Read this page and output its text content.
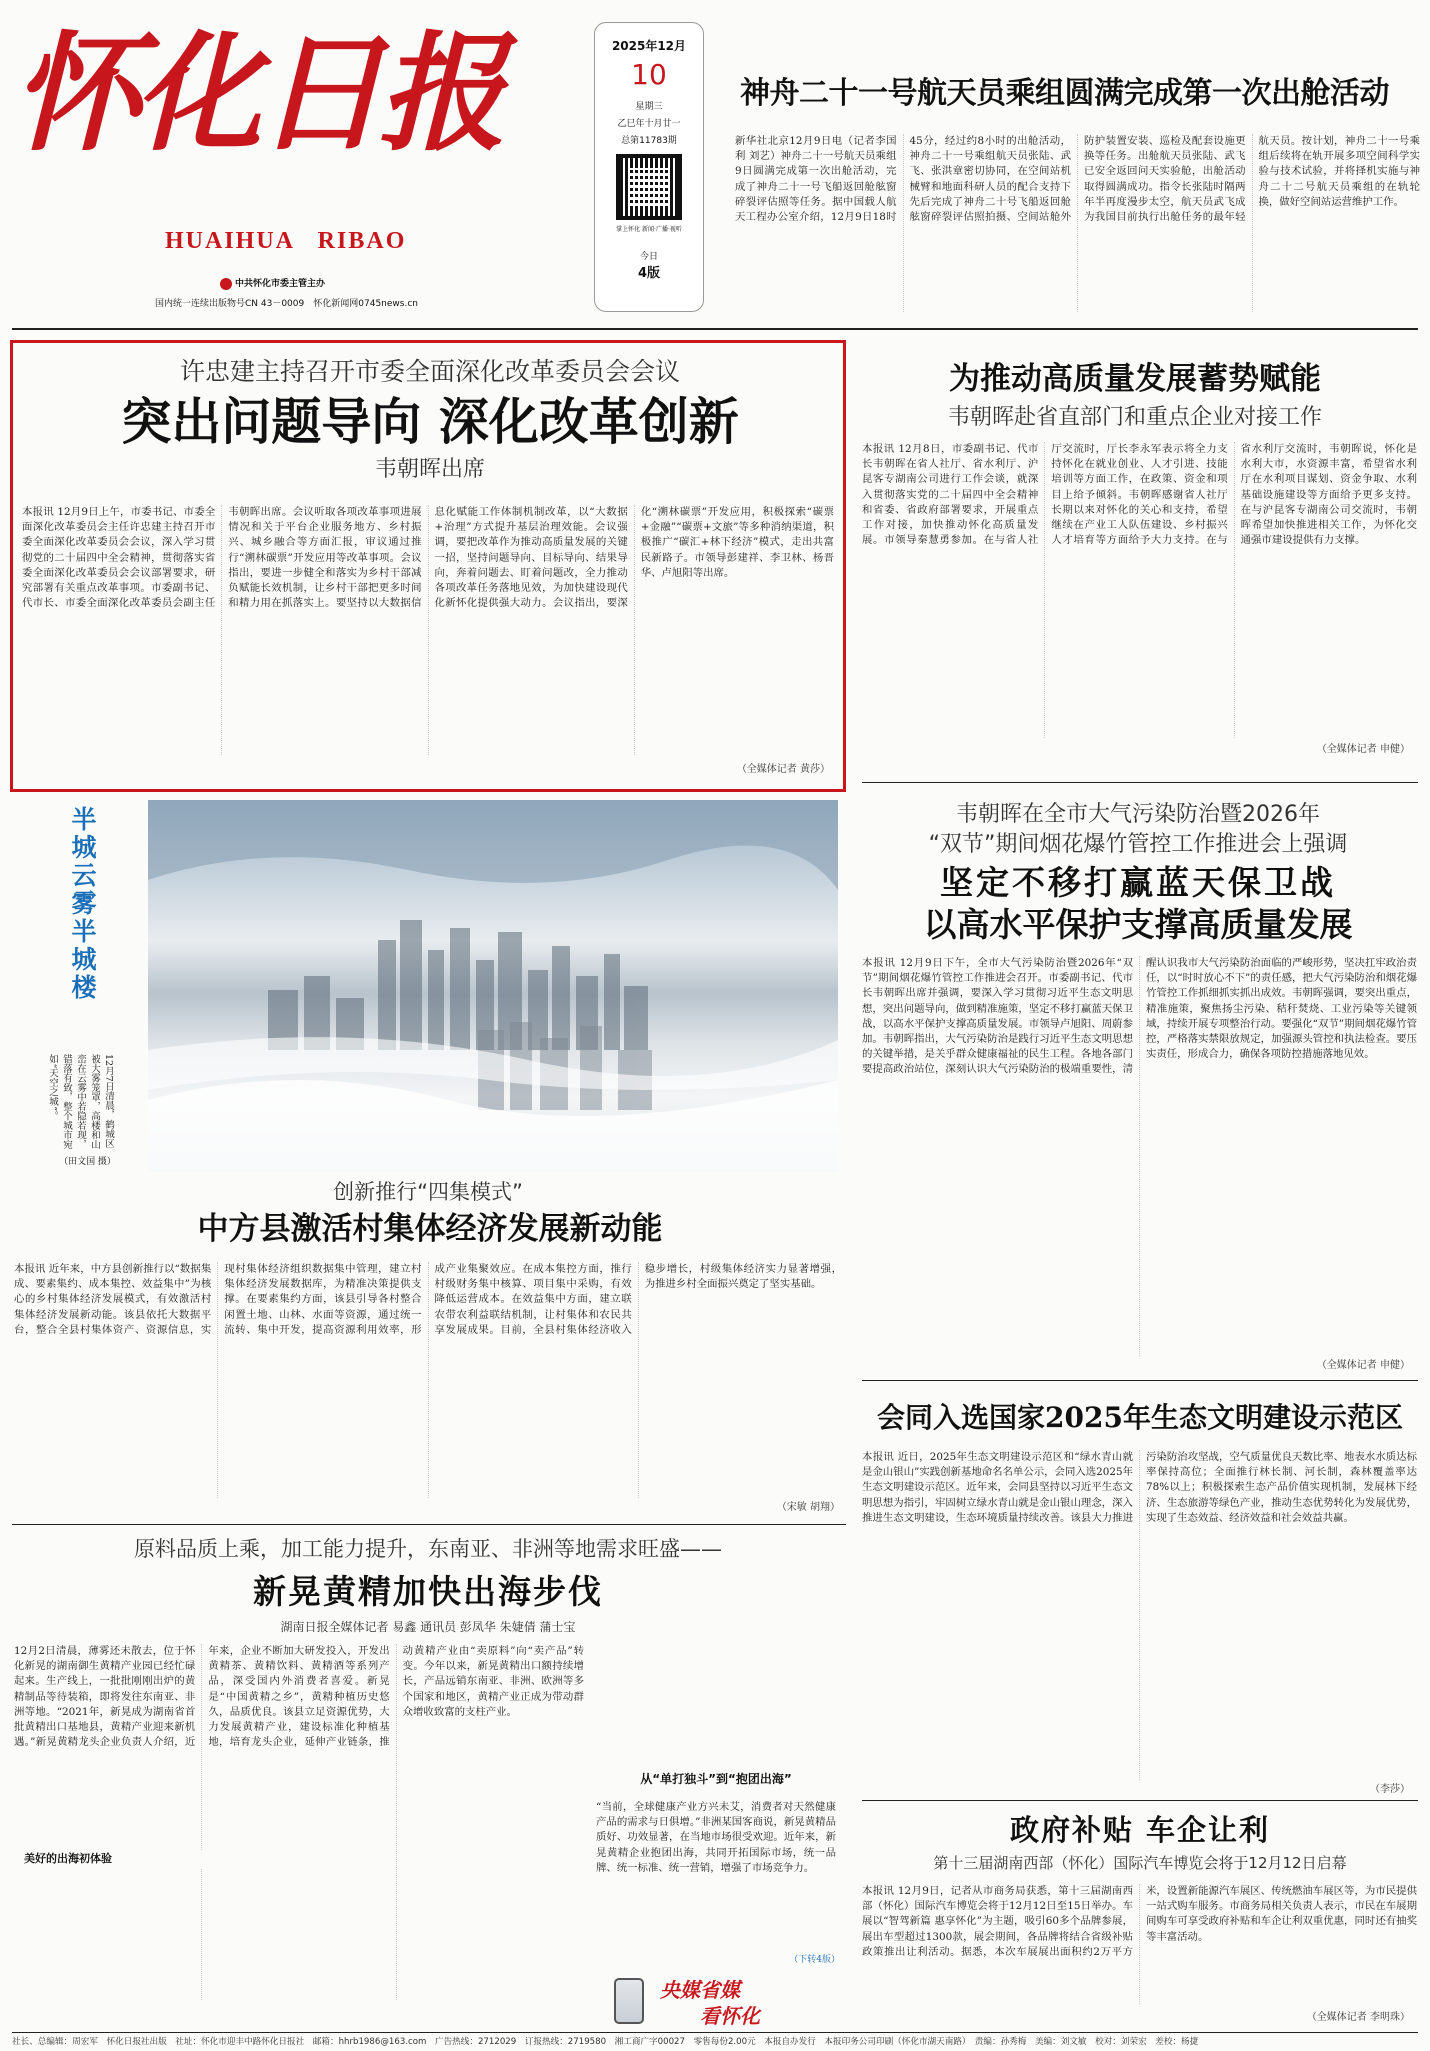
怀化日报
HUAIHUA RIBAO
中共怀化市委主管主办
国内统一连续出版物号CN 43－0009　 怀化新闻网0745news.cn
2025年12月
10
星期三
乙巳年十月廿一
总第11783期
掌上怀化 新闻·广播·视听
今日
4版
神舟二十一号航天员乘组圆满完成第一次出舱活动
新华社北京12月9日电（记者李国利 刘艺）神舟二十一号航天员乘组9日圆满完成第一次出舱活动，完成了神舟二十一号飞船返回舱舷窗碎裂评估照等任务。据中国载人航天工程办公室介绍，12月9日18时45分，经过约8小时的出舱活动，神舟二十一号乘组航天员张陆、武飞、张洪章密切协同，在空间站机械臂和地面科研人员的配合支持下先后完成了神舟二十号飞船返回舱舷窗碎裂评估照拍摄、空间站舱外防护装置安装、巡检及配套设施更换等任务。出舱航天员张陆、武飞已安全返回问天实验舱，出舱活动取得圆满成功。指令长张陆时隔两年半再度漫步太空，航天员武飞成为我国目前执行出舱任务的最年轻航天员。按计划，神舟二十一号乘组后续将在轨开展多项空间科学实验与技术试验，并将择机实施与神舟二十二号航天员乘组的在轨轮换，做好空间站运营维护工作。
许忠建主持召开市委全面深化改革委员会会议
突出问题导向 深化改革创新
韦朝晖出席
本报讯 12月9日上午，市委书记、市委全面深化改革委员会主任许忠建主持召开市委全面深化改革委员会会议，深入学习贯彻党的二十届四中全会精神，贯彻落实省委全面深化改革委员会会议部署要求，研究部署有关重点改革事项。市委副书记、代市长、市委全面深化改革委员会副主任韦朝晖出席。会议听取各项改革事项进展情况和关于平台企业服务地方、乡村振兴、城乡融合等方面汇报，审议通过推行“溯林碳票”开发应用等改革事项。会议指出，要进一步健全和落实为乡村干部减负赋能长效机制，让乡村干部把更多时间和精力用在抓落实上。要坚持以大数据信息化赋能工作体制机制改革，以“大数据+治理”方式提升基层治理效能。会议强调，要把改革作为推动高质量发展的关键一招，坚持问题导向、目标导向、结果导向，奔着问题去、盯着问题改，全力推动各项改革任务落地见效，为加快建设现代化新怀化提供强大动力。会议指出，要深化“溯林碳票”开发应用，积极探索“碳票+金融”“碳票+文旅”等多种消纳渠道，积极推广“碳汇+林下经济”模式，走出共富民新路子。市领导彭建祥、李卫林、杨晋华、卢旭阳等出席。
（全媒体记者 黄莎）
为推动高质量发展蓄势赋能
韦朝晖赴省直部门和重点企业对接工作
本报讯 12月8日，市委副书记、代市长韦朝晖在省人社厅、省水利厅、沪昆客专湖南公司进行工作会谈，就深入贯彻落实党的二十届四中全会精神和省委、省政府部署要求，开展重点工作对接，加快推动怀化高质量发展。市领导秦慧勇参加。在与省人社厅交流时，厅长李永军表示将全力支持怀化在就业创业、人才引进、技能培训等方面工作，在政策、资金和项目上给予倾斜。韦朝晖感谢省人社厅长期以来对怀化的关心和支持，希望继续在产业工人队伍建设、乡村振兴人才培育等方面给予大力支持。在与省水利厅交流时，韦朝晖说，怀化是水利大市，水资源丰富，希望省水利厅在水利项目谋划、资金争取、水利基础设施建设等方面给予更多支持。在与沪昆客专湖南公司交流时，韦朝晖希望加快推进相关工作，为怀化交通强市建设提供有力支撑。
（全媒体记者 申健）
半城云雾半城楼
12月7日清晨，鹤城区被大雾笼罩，高楼和山峦在云雾中若隐若现，错落有致，整个城市宛如“天空之城”。
（田文国 摄）
韦朝晖在全市大气污染防治暨2026年
“双节”期间烟花爆竹管控工作推进会上强调
坚定不移打赢蓝天保卫战
以高水平保护支撑高质量发展
本报讯 12月9日下午，全市大气污染防治暨2026年“双节”期间烟花爆竹管控工作推进会召开。市委副书记、代市长韦朝晖出席并强调，要深入学习贯彻习近平生态文明思想，突出问题导向，做到精准施策，坚定不移打赢蓝天保卫战，以高水平保护支撑高质量发展。市领导卢旭阳、周蔚参加。韦朝晖指出，大气污染防治是践行习近平生态文明思想的关键举措，是关乎群众健康福祉的民生工程。各地各部门要提高政治站位，深刻认识大气污染防治的极端重要性，清醒认识我市大气污染防治面临的严峻形势，坚决扛牢政治责任，以“时时放心不下”的责任感，把大气污染防治和烟花爆竹管控工作抓细抓实抓出成效。韦朝晖强调，要突出重点，精准施策，聚焦扬尘污染、秸秆焚烧、工业污染等关键领域，持续开展专项整治行动。要强化“双节”期间烟花爆竹管控，严格落实禁限放规定，加强源头管控和执法检查。要压实责任，形成合力，确保各项防控措施落地见效。
（全媒体记者 申健）
创新推行“四集模式”
中方县激活村集体经济发展新动能
本报讯 近年来，中方县创新推行以“数据集成、要素集约、成本集控、效益集中”为核心的乡村集体经济发展模式，有效激活村集体经济发展新动能。该县依托大数据平台，整合全县村集体资产、资源信息，实现村集体经济组织数据集中管理，建立村集体经济发展数据库，为精准决策提供支撑。在要素集约方面，该县引导各村整合闲置土地、山林、水面等资源，通过统一流转、集中开发，提高资源利用效率，形成产业集聚效应。在成本集控方面，推行村级财务集中核算、项目集中采购，有效降低运营成本。在效益集中方面，建立联农带农利益联结机制，让村集体和农民共享发展成果。目前，全县村集体经济收入稳步增长，村级集体经济实力显著增强，为推进乡村全面振兴奠定了坚实基础。
（宋敏 胡翔）
会同入选国家2025年生态文明建设示范区
本报讯 近日，2025年生态文明建设示范区和“绿水青山就是金山银山”实践创新基地命名名单公示，会同入选2025年生态文明建设示范区。近年来，会同县坚持以习近平生态文明思想为指引，牢固树立绿水青山就是金山银山理念，深入推进生态文明建设，生态环境质量持续改善。该县大力推进污染防治攻坚战，空气质量优良天数比率、地表水水质达标率保持高位；全面推行林长制、河长制，森林覆盖率达78%以上；积极探索生态产品价值实现机制，发展林下经济、生态旅游等绿色产业，推动生态优势转化为发展优势，实现了生态效益、经济效益和社会效益共赢。
（李莎）
原料品质上乘，加工能力提升，东南亚、非洲等地需求旺盛——
新晃黄精加快出海步伐
湖南日报全媒体记者 易鑫 通讯员 彭凤华 朱婕倩 蒲士宝
12月2日清晨，薄雾还未散去，位于怀化新晃的湖南御生黄精产业园已经忙碌起来。生产线上，一批批刚刚出炉的黄精制品等待装箱，即将发往东南亚、非洲等地。“2021年，新晃成为湖南省首批黄精出口基地县，黄精产业迎来新机遇。”新晃黄精龙头企业负责人介绍，近年来，企业不断加大研发投入，开发出黄精茶、黄精饮料、黄精酒等系列产品，深受国内外消费者喜爱。新晃是“中国黄精之乡”，黄精种植历史悠久，品质优良。该县立足资源优势，大力发展黄精产业，建设标准化种植基地，培育龙头企业，延伸产业链条，推动黄精产业由“卖原料”向“卖产品”转变。今年以来，新晃黄精出口额持续增长，产品远销东南亚、非洲、欧洲等多个国家和地区，黄精产业正成为带动群众增收致富的支柱产业。
美好的出海初体验
从“单打独斗”到“抱团出海”
“当前，全球健康产业方兴未艾，消费者对天然健康产品的需求与日俱增。”非洲某国客商说，新晃黄精品质好、功效显著，在当地市场很受欢迎。近年来，新晃黄精企业抱团出海，共同开拓国际市场，统一品牌、统一标准、统一营销，增强了市场竞争力。
（下转4版）
央媒省媒
看怀化
政府补贴 车企让利
第十三届湖南西部（怀化）国际汽车博览会将于12月12日启幕
本报讯 12月9日，记者从市商务局获悉，第十三届湖南西部（怀化）国际汽车博览会将于12月12日至15日举办。车展以“智驾新篇 惠享怀化”为主题，吸引60多个品牌参展，展出车型超过1300款，展会期间，各品牌将结合省级补贴政策推出让利活动。据悉，本次车展展出面积约2万平方米，设置新能源汽车展区、传统燃油车展区等，为市民提供一站式购车服务。市商务局相关负责人表示，市民在车展期间购车可享受政府补贴和车企让利双重优惠，同时还有抽奖等丰富活动。
（全媒体记者 李明珠）
社长、总编辑：周宏军　怀化日报社出版　社址：怀化市迎丰中路怀化日报社　邮箱：hhrb1986@163.com　广告热线：2712029　订报热线：2719580　湘工商广字00027　零售每份2.00元　本报自办发行　本报印务公司印刷（怀化市湖天南路）　责编：孙秀梅　美编：刘文敏　校对：刘荣宏　差校：杨捷
